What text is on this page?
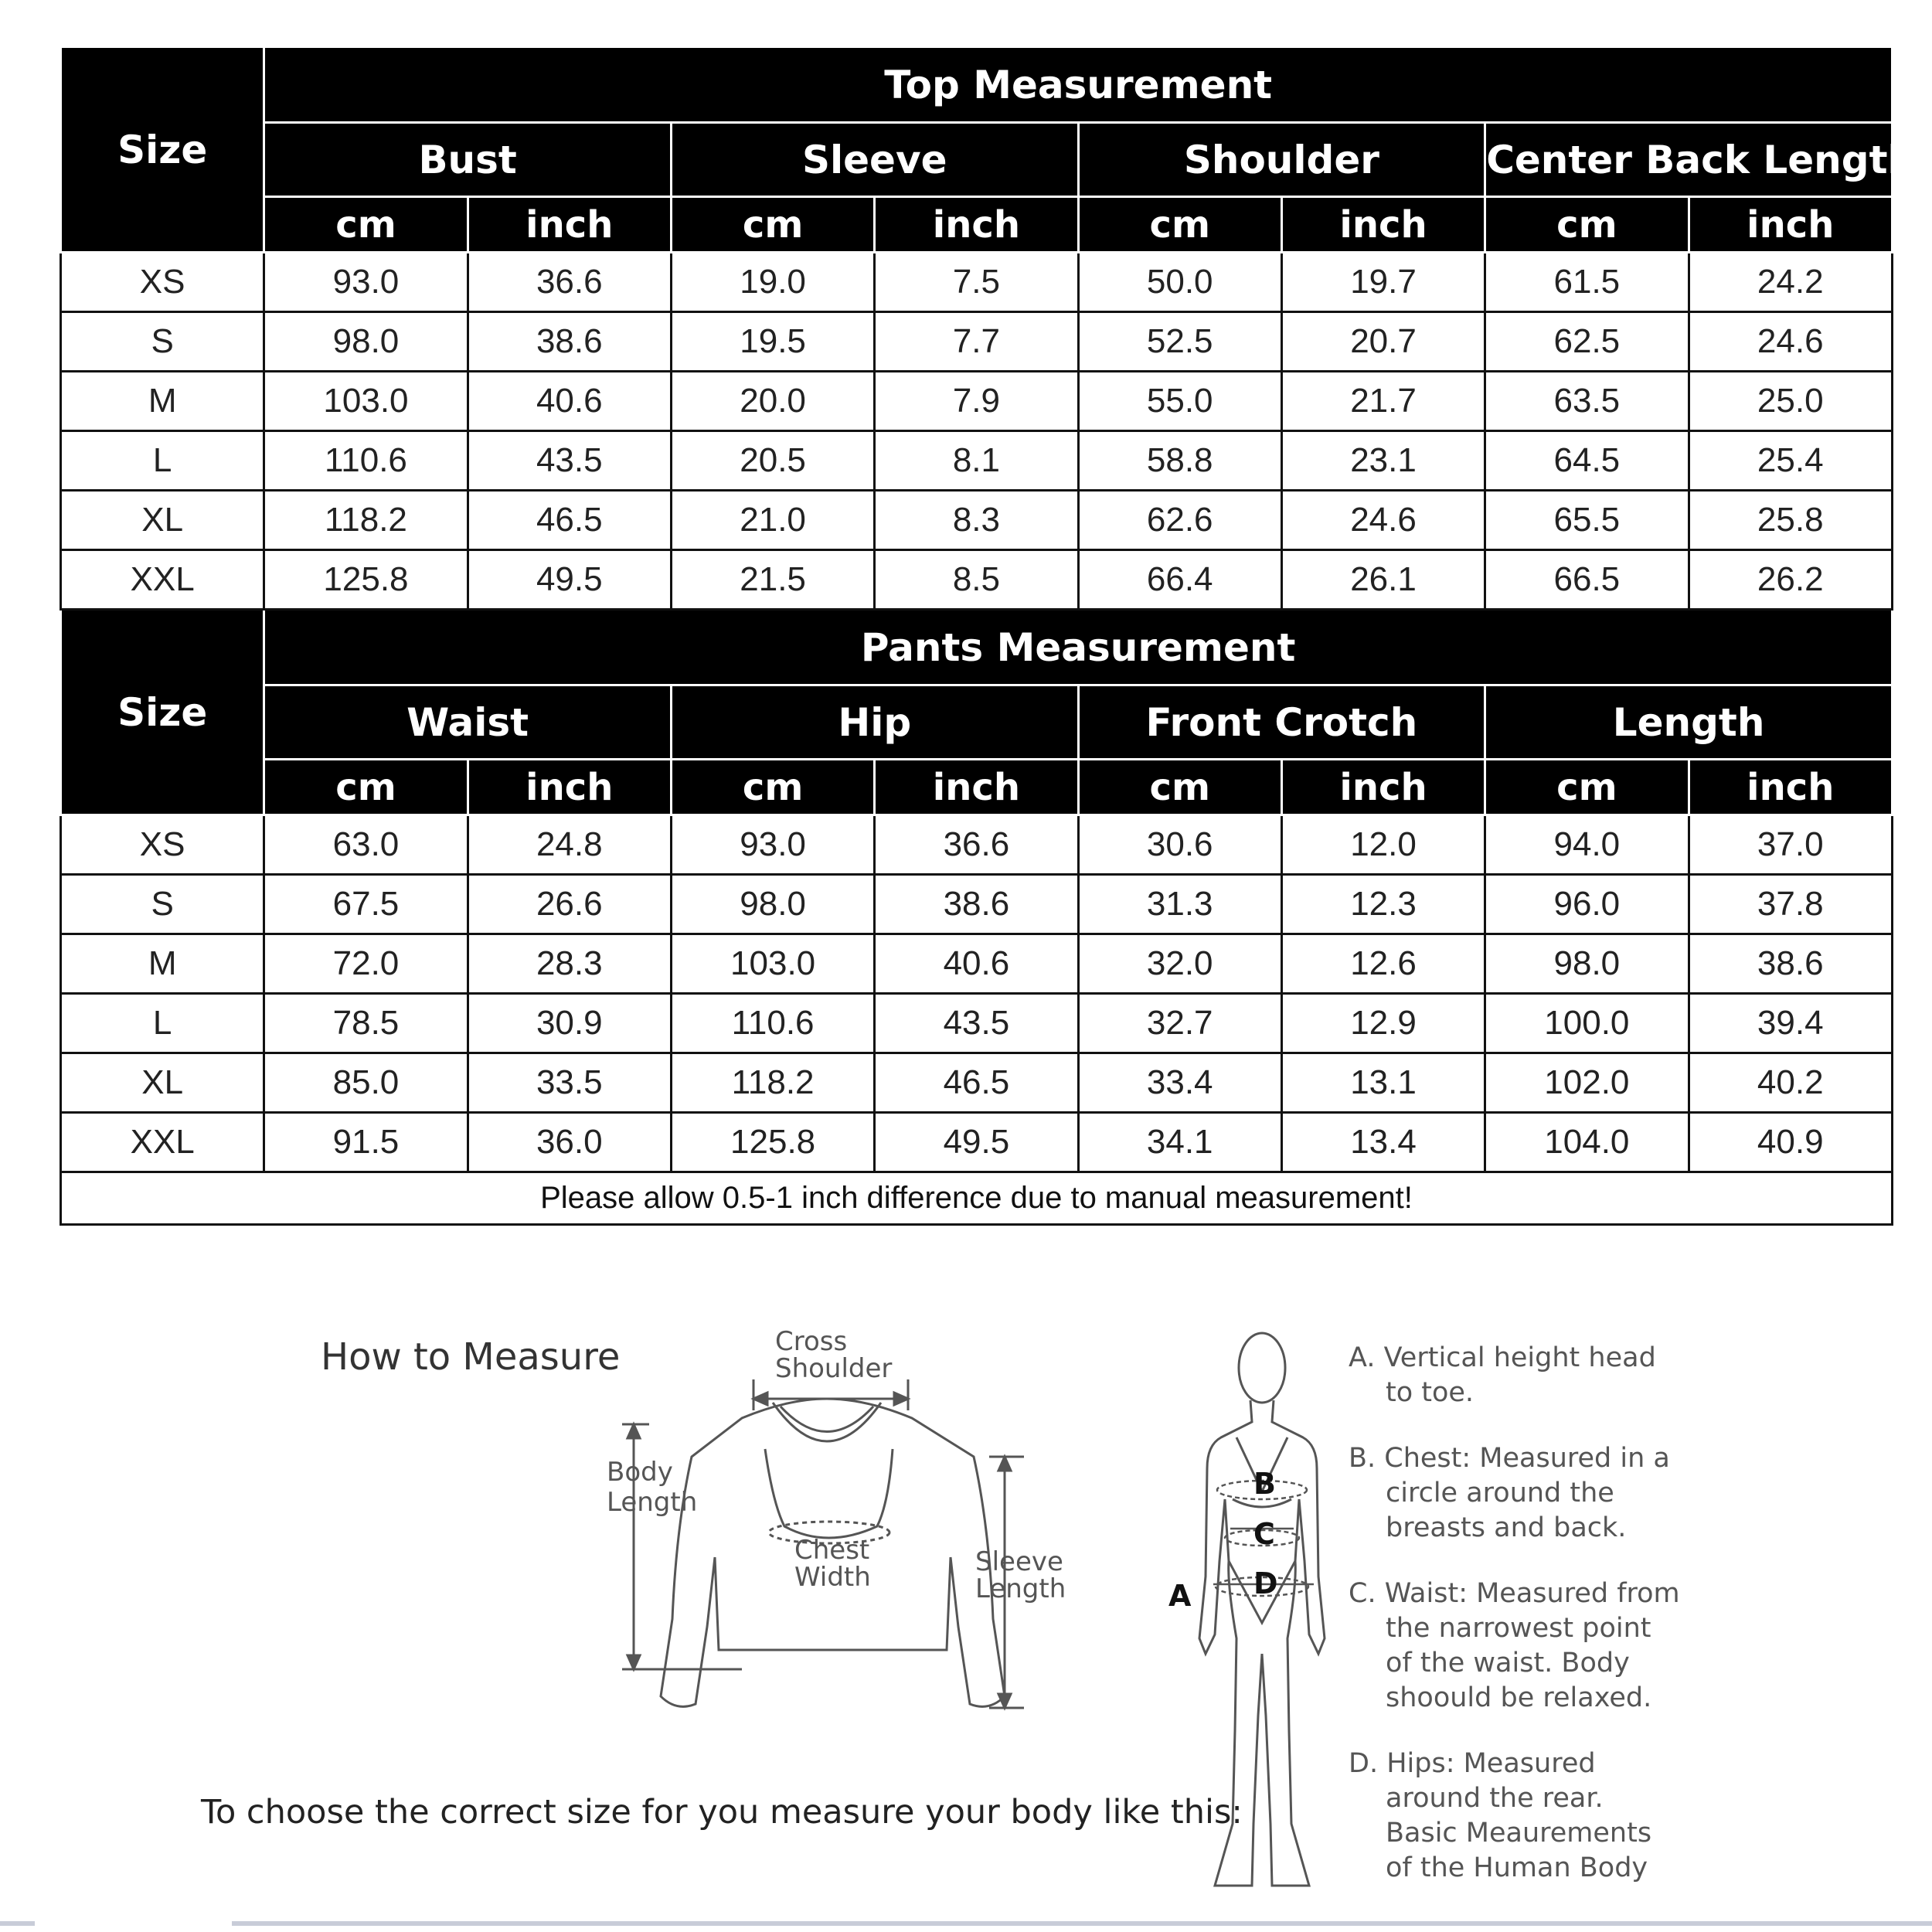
Size	Top Measurement							
	Bust		Sleeve		Shoulder		Center Back Length	
	cm	inch	cm	inch	cm	inch	cm	inch
XS	93.0	36.6	19.0	7.5	50.0	19.7	61.5	24.2
S	98.0	38.6	19.5	7.7	52.5	20.7	62.5	24.6
M	103.0	40.6	20.0	7.9	55.0	21.7	63.5	25.0
L	110.6	43.5	20.5	8.1	58.8	23.1	64.5	25.4
XL	118.2	46.5	21.0	8.3	62.6	24.6	65.5	25.8
XXL	125.8	49.5	21.5	8.5	66.4	26.1	66.5	26.2
Size	Pants Measurement							
	Waist		Hip		Front Crotch		Length	
	cm	inch	cm	inch	cm	inch	cm	inch
XS	63.0	24.8	93.0	36.6	30.6	12.0	94.0	37.0
S	67.5	26.6	98.0	38.6	31.3	12.3	96.0	37.8
M	72.0	28.3	103.0	40.6	32.0	12.6	98.0	38.6
L	78.5	30.9	110.6	43.5	32.7	12.9	100.0	39.4
XL	85.0	33.5	118.2	46.5	33.4	13.1	102.0	40.2
XXL	91.5	36.0	125.8	49.5	34.1	13.4	104.0	40.9
Please allow 0.5-1 inch difference due to manual measurement!								
How to Measure	Cross
Shoulder
Body
Length
Chest
Width	Sleeve
Length
To choose the correct size for you measure your body like this:
B
C
D
A
A. Vertical height head to toe.
B. Chest: Measured in a circle around the breasts and back.
C. Waist: Measured from the narrowest point of the waist. Body shoould be relaxed.
D. Hips: Measured around the rear. Basic Meaurements of the Human Body
